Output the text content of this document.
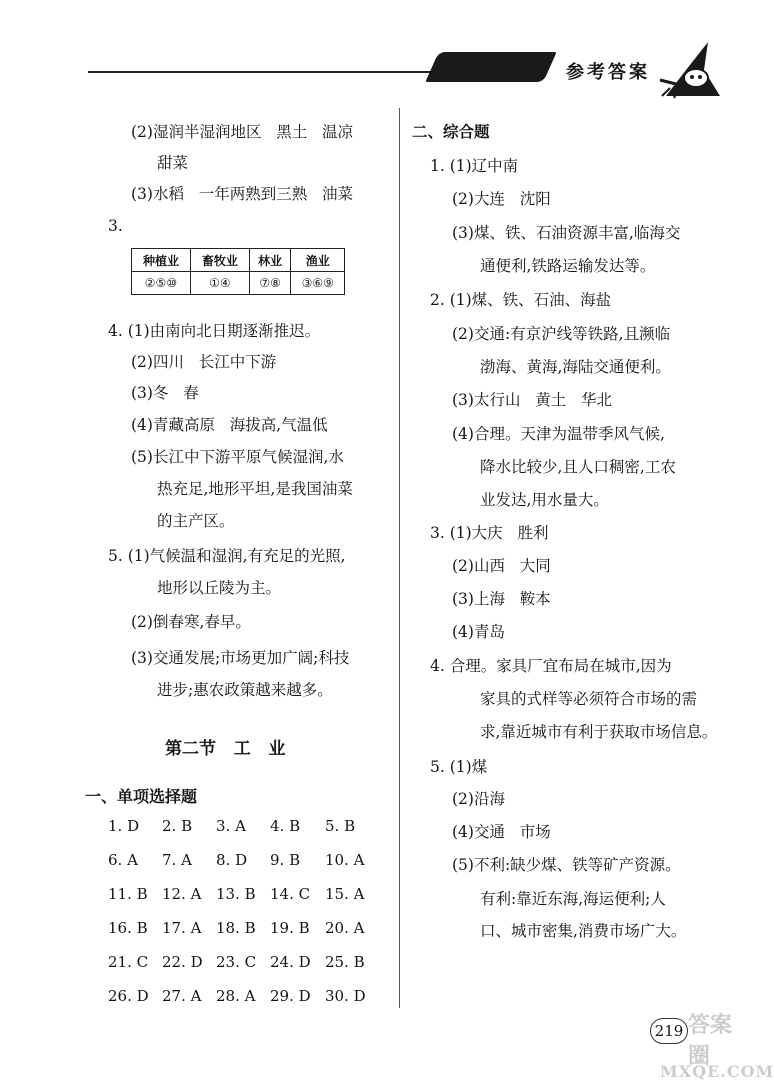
参考答案
(2)湿润半湿润地区   黑土   温凉
甜菜
(3)水稻   一年两熟到三熟   油菜
3.
种植业	畜牧业	林业	渔业
②⑤⑩	①④	⑦⑧	③⑥⑨
4. (1)由南向北日期逐渐推迟。
(2)四川   长江中下游
(3)冬   春
(4)青藏高原   海拔高,气温低
(5)长江中下游平原气候湿润,水
热充足,地形平坦,是我国油菜
的主产区。
5. (1)气候温和湿润,有充足的光照,
地形以丘陵为主。
(2)倒春寒,春早。
(3)交通发展;市场更加广阔;科技
进步;惠农政策越来越多。
第二节   工   业
一、单项选择题
1. D 2. B 3. A 4. B 5. B
6. A 7. A 8. D 9. B 10. A
11. B 12. A 13. B 14. C 15. A
16. B 17. A 18. B 19. B 20. A
21. C 22. D 23. C 24. D 25. B
26. D 27. A 28. A 29. D 30. D
二、综合题
1. (1)辽中南
(2)大连   沈阳
(3)煤、铁、石油资源丰富,临海交
通便利,铁路运输发达等。
2. (1)煤、铁、石油、海盐
(2)交通:有京沪线等铁路,且濒临
渤海、黄海,海陆交通便利。
(3)太行山   黄土   华北
(4)合理。天津为温带季风气候,
降水比较少,且人口稠密,工农
业发达,用水量大。
3. (1)大庆   胜利
(2)山西   大同
(3)上海   鞍本
(4)青岛
4. 合理。家具厂宜布局在城市,因为
家具的式样等必须符合市场的需
求,靠近城市有利于获取市场信息。
5. (1)煤
(2)沿海
(4)交通   市场
(5)不利:缺少煤、铁等矿产资源。
有利:靠近东海,海运便利;人
口、城市密集,消费市场广大。
219 答案圈
MXQE.COM
